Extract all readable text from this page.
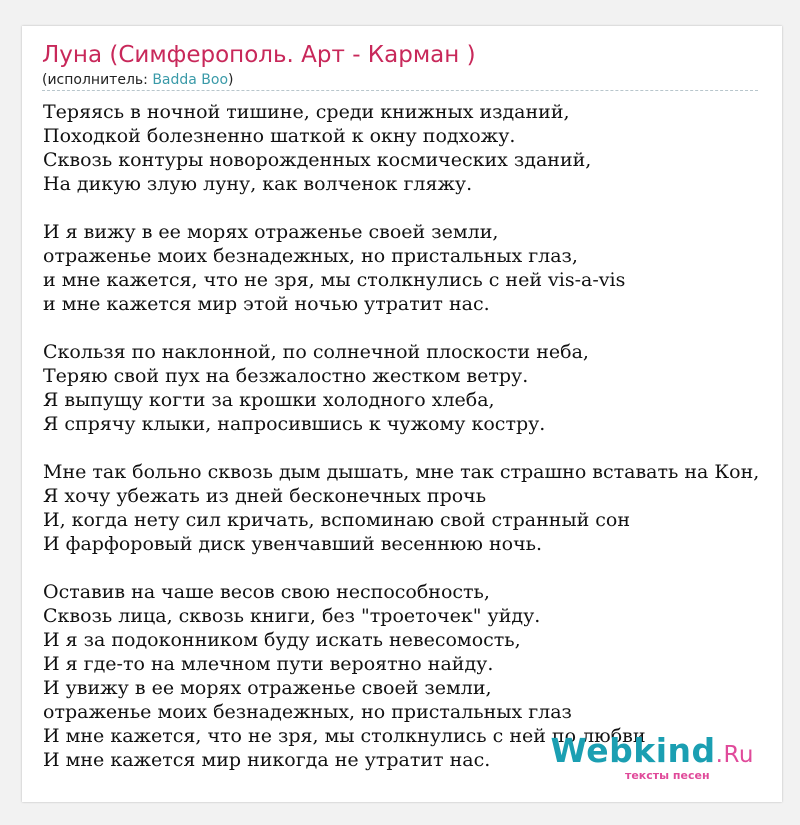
Луна (Симферополь. Арт - Карман )
(исполнитель: Badda Boo)
Теряясь в ночной тишине, среди книжных изданий,
Походкой болезненно шаткой к окну подхожу.
Сквозь контуры новорожденных космических зданий,
На дикую злую луну, как волченок гляжу.
И я вижу в ее морях отраженье своей земли,
отраженье моих безнадежных, но пристальных глаз,
и мне кажется, что не зря, мы столкнулись с ней vis-a-vis
и мне кажется мир этой ночью утратит нас.
Скользя по наклонной, по солнечной плоскости неба,
Теряю свой пух на безжалостно жестком ветру.
Я выпущу когти за крошки холодного хлеба,
Я спрячу клыки, напросившись к чужому костру.
Мне так больно сквозь дым дышать, мне так страшно вставать на Кон,
Я хочу убежать из дней бесконечных прочь
И, когда нету сил кричать, вспоминаю свой странный сон
И фарфоровый диск увенчавший весеннюю ночь.
Оставив на чаше весов свою неспособность,
Сквозь лица, сквозь книги, без "троеточек" уйду.
И я за подоконником буду искать невесомость,
И я где-то на млечном пути вероятно найду.
И увижу в ее морях отраженье своей земли,
отраженье моих безнадежных, но пристальных глаз
И мне кажется, что не зря, мы столкнулись с ней по любви
И мне кажется мир никогда не утратит нас.	Webkind.Ru
тексты песен
